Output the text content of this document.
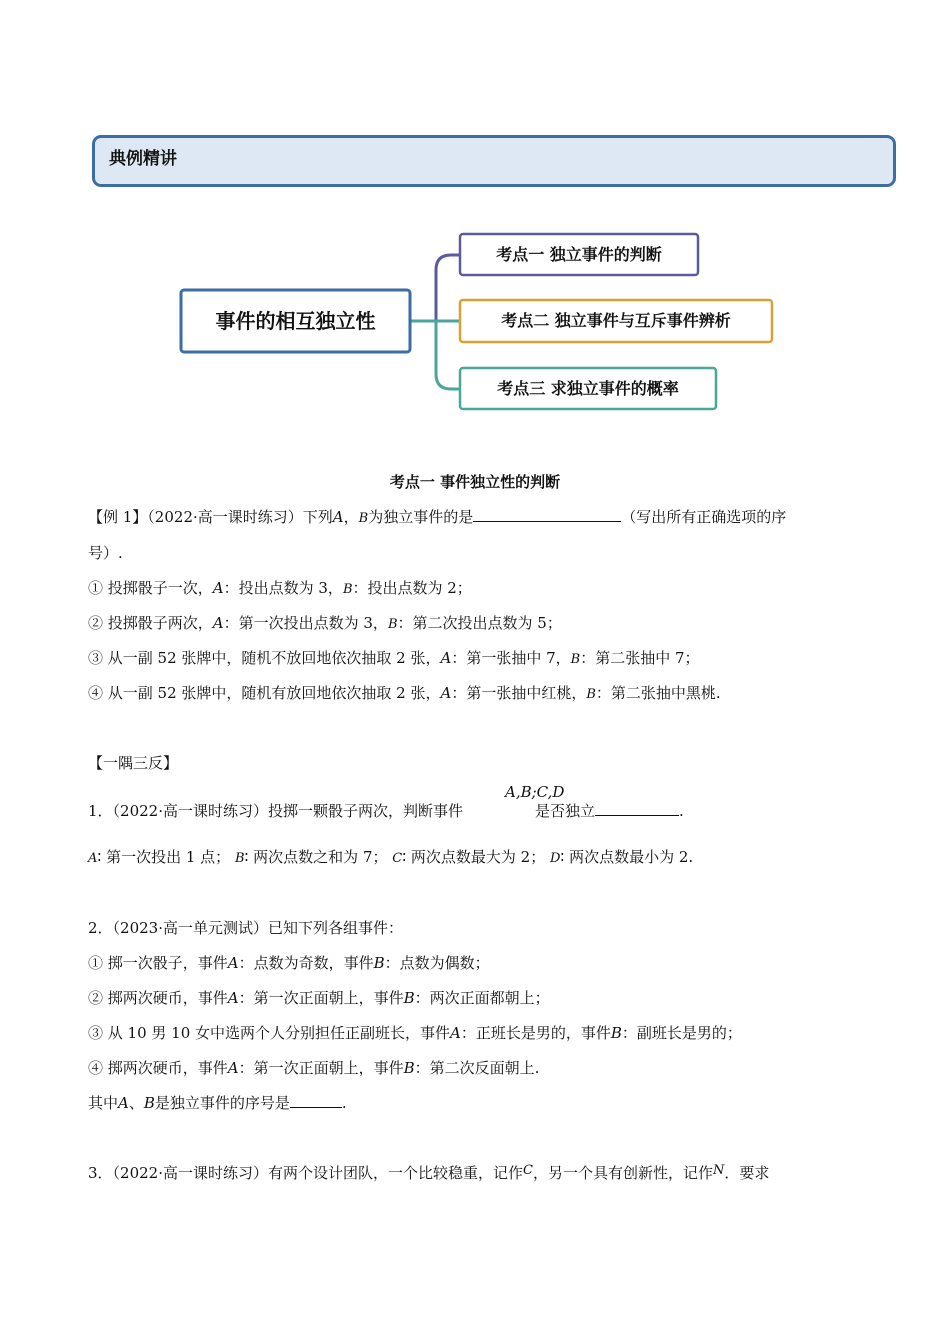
典例精讲
事件的相互独立性
考点一 独立事件的判断
考点二 独立事件与互斥事件辨析
考点三 求独立事件的概率
考点一 事件独立性的判断
【例 1】（2022·高一课时练习）下列A，B为独立事件的是	（写出所有正确选项的序
号）.
① 投掷骰子一次，A：投出点数为 3，B：投出点数为 2；
② 投掷骰子两次，A：第一次投出点数为 3，B：第二次投出点数为 5；
③ 从一副 52 张牌中，随机不放回地依次抽取 2 张，A：第一张抽中 7，B：第二张抽中 7；
④ 从一副 52 张牌中，随机有放回地依次抽取 2 张，A：第一张抽中红桃，B：第二张抽中黑桃.
【一隅三反】
A,B;C,D
1．（2022·高一课时练习）投掷一颗骰子两次，判断事件	是否独立	.
A∶ 第一次投出 1 点； B∶ 两次点数之和为 7； C∶ 两次点数最大为 2； D∶ 两次点数最小为 2.
2．（2023·高一单元测试）已知下列各组事件：
① 掷一次骰子，事件A：点数为奇数，事件B：点数为偶数；
② 掷两次硬币，事件A：第一次正面朝上，事件B：两次正面都朝上；
③ 从 10 男 10 女中选两个人分别担任正副班长，事件A：正班长是男的，事件B：副班长是男的；
④ 掷两次硬币，事件A：第一次正面朝上，事件B：第二次反面朝上.
其中A、B是独立事件的序号是	.
3．（2022·高一课时练习）有两个设计团队，一个比较稳重，记作C，另一个具有创新性，记作N．要求
